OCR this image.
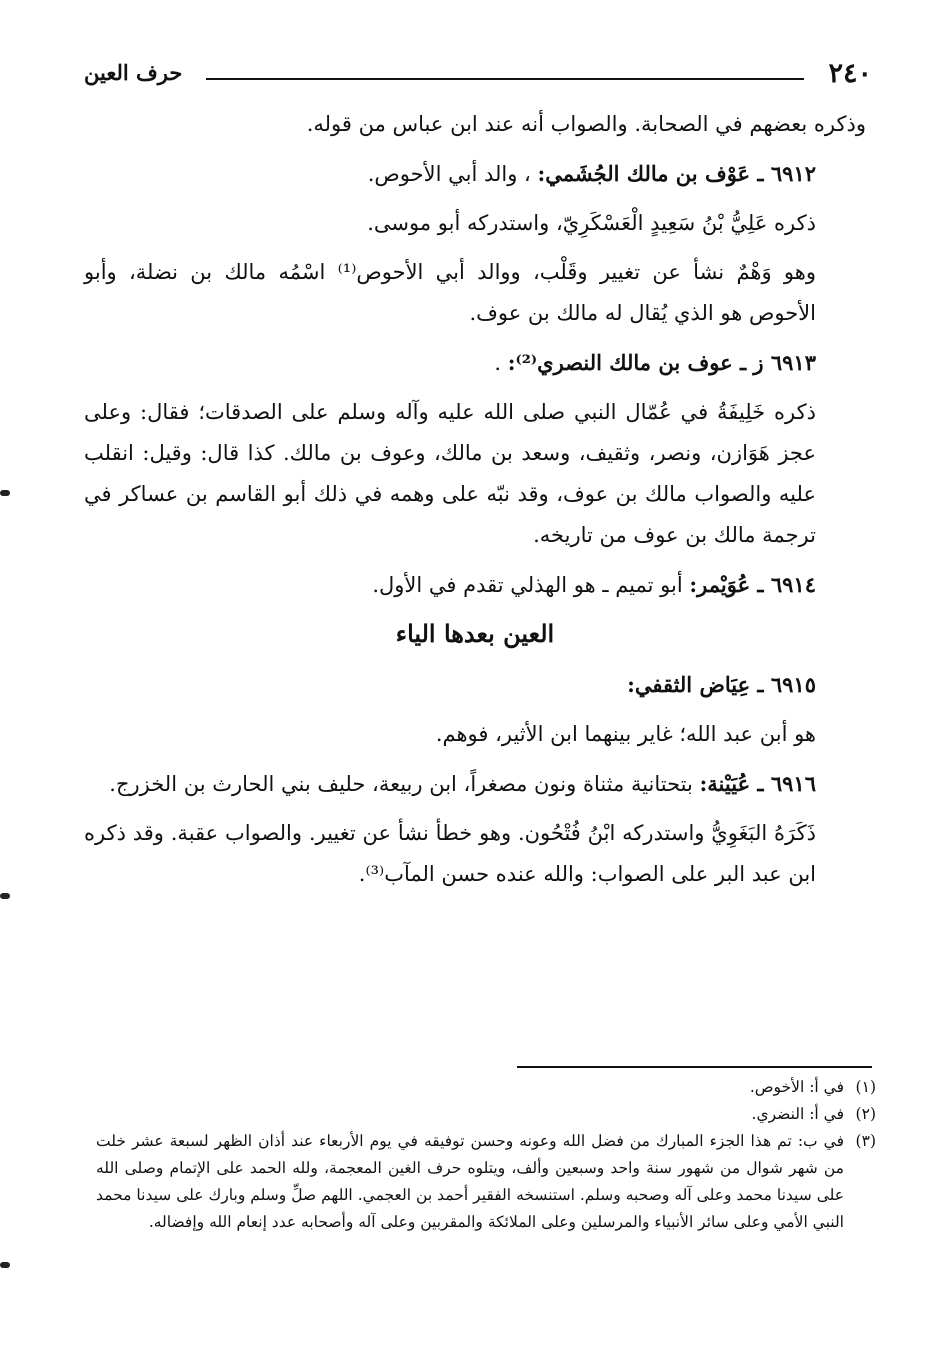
٢٤٠
حرف العين

وذكره بعضهم في الصحابة. والصواب أنه عند ابن عباس من قوله.

٦٩١٢ ـ عَوْف بن مالك الجُشَمي: ، والد أبي الأحوص.

ذكره عَلِيُّ بْنُ سَعِيدٍ الْعَسْكَرِيّ، واستدركه أبو موسى.

وهو وَهْمٌ نشأ عن تغيير وقَلْب، ووالد أبي الأحوص⁽¹⁾ اسْمُه مالك بن نضلة، وأبو الأحوص هو الذي يُقال له مالك بن عوف.

٦٩١٣ ز ـ عوف بن مالك النصري⁽²⁾: .

ذكره خَلِيفَةُ في عُمّال النبي صلى الله عليه وآله وسلم على الصدقات؛ فقال: وعلى عجز هَوَازن، ونصر، وثقيف، وسعد بن مالك، وعوف بن مالك. كذا قال: وقيل: انقلب عليه والصواب مالك بن عوف، وقد نبّه على وهمه في ذلك أبو القاسم بن عساكر في ترجمة مالك بن عوف من تاريخه.

٦٩١٤ ـ عُوَيْمر: أبو تميم ـ هو الهذلي تقدم في الأول.

العين بعدها الياء

٦٩١٥ ـ عِيَاض الثقفي:

هو أبن عبد الله؛ غاير بينهما ابن الأثير، فوهم.

٦٩١٦ ـ عُيَيْنة: بتحتانية مثناة ونون مصغراً، ابن ربيعة، حليف بني الحارث بن الخزرج.

ذَكَرَهُ البَغَوِيُّ واستدركه ابْنُ فُتْحُون. وهو خطأ نشأ عن تغيير. والصواب عقبة. وقد ذكره ابن عبد البر على الصواب: والله عنده حسن المآب⁽³⁾.

(١)في أ: الأخوص.

(٢)في أ: النضري.

(٣)في ب: تم هذا الجزء المبارك من فضل الله وعونه وحسن توفيقه في يوم الأربعاء عند أذان الظهر لسبعة عشر خلت من شهر شوال من شهور سنة واحد وسبعين وألف، ويتلوه حرف الغين المعجمة، ولله الحمد على الإتمام وصلى الله على سيدنا محمد وعلى آله وصحبه وسلم. استنسخه الفقير أحمد بن العجمي. اللهم صلِّ وسلم وبارك على سيدنا محمد النبي الأمي وعلى سائر الأنبياء والمرسلين وعلى الملائكة والمقربين وعلى آله وأصحابه عدد إنعام الله وإفضاله.
